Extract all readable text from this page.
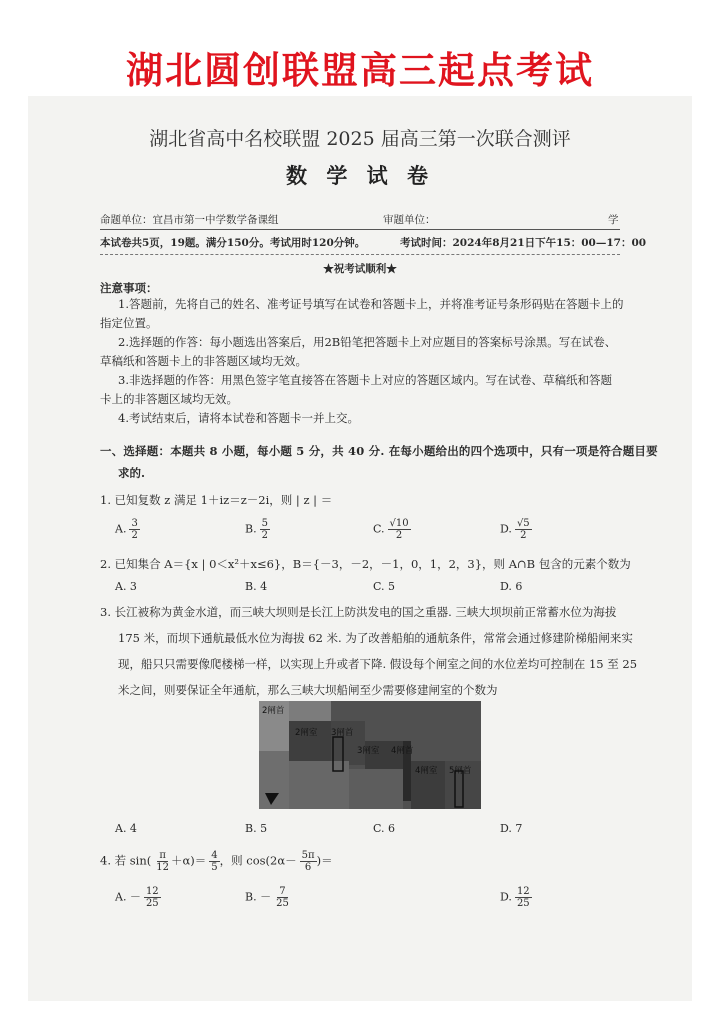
湖北圆创联盟高三起点考试
湖北省高中名校联盟 2025 届高三第一次联合测评
数 学 试 卷
命题单位：宜昌市第一中学数学备课组	审题单位：	学
本试卷共5页，19题。满分150分。考试用时120分钟。	考试时间：2024年8月21日下午15：00—17：00
★祝考试顺利★
注意事项：
1.答题前，先将自己的姓名、准考证号填写在试卷和答题卡上，并将准考证号条形码贴在答题卡上的
指定位置。
2.选择题的作答：每小题选出答案后，用2B铅笔把答题卡上对应题目的答案标号涂黑。写在试卷、
草稿纸和答题卡上的非答题区域均无效。
3.非选择题的作答：用黑色签字笔直接答在答题卡上对应的答题区域内。写在试卷、草稿纸和答题
卡上的非答题区域均无效。
4.考试结束后，请将本试卷和答题卡一并上交。
一、选择题：本题共 8 小题，每小题 5 分，共 40 分. 在每小题给出的四个选项中，只有一项是符合题目要
求的.
1. 已知复数 z 满足 1＋iz＝z－2i，则 | z | ＝
A. $\frac{3}{2}$	B. $\frac{5}{2}$	C. $\frac{√10}{2}$	D. $\frac{√5}{2}$
2. 已知集合 A＝{x | 0＜x²＋x≤6}，B＝{－3，－2，－1，0，1，2，3}，则 A∩B 包含的元素个数为
A. 3	B. 4	C. 5	D. 6
3. 长江被称为黄金水道，而三峡大坝则是长江上防洪发电的国之重器. 三峡大坝坝前正常蓄水位为海拔
175 米，而坝下通航最低水位为海拔 62 米. 为了改善船舶的通航条件，常常会通过修建阶梯船闸来实
现，船只只需要像爬楼梯一样，以实现上升或者下降. 假设每个闸室之间的水位差均可控制在 15 至 25
米之间，则要保证全年通航，那么三峡大坝船闸至少需要修建闸室的个数为
2闸首
2闸室 3闸首
3闸室 4闸首
4闸室 5闸首
A. 4	B. 5	C. 6	D. 7
4. 若 $\sin( \frac{\pi}{12} +\alpha)= \frac{4}{5}$ ，则 $\cos(2\alpha- \frac{5\pi}{6}$ )＝
A. － $\frac{12}{25}$	B. － $\frac{7}{25}$	D. $\frac{12}{25}$
